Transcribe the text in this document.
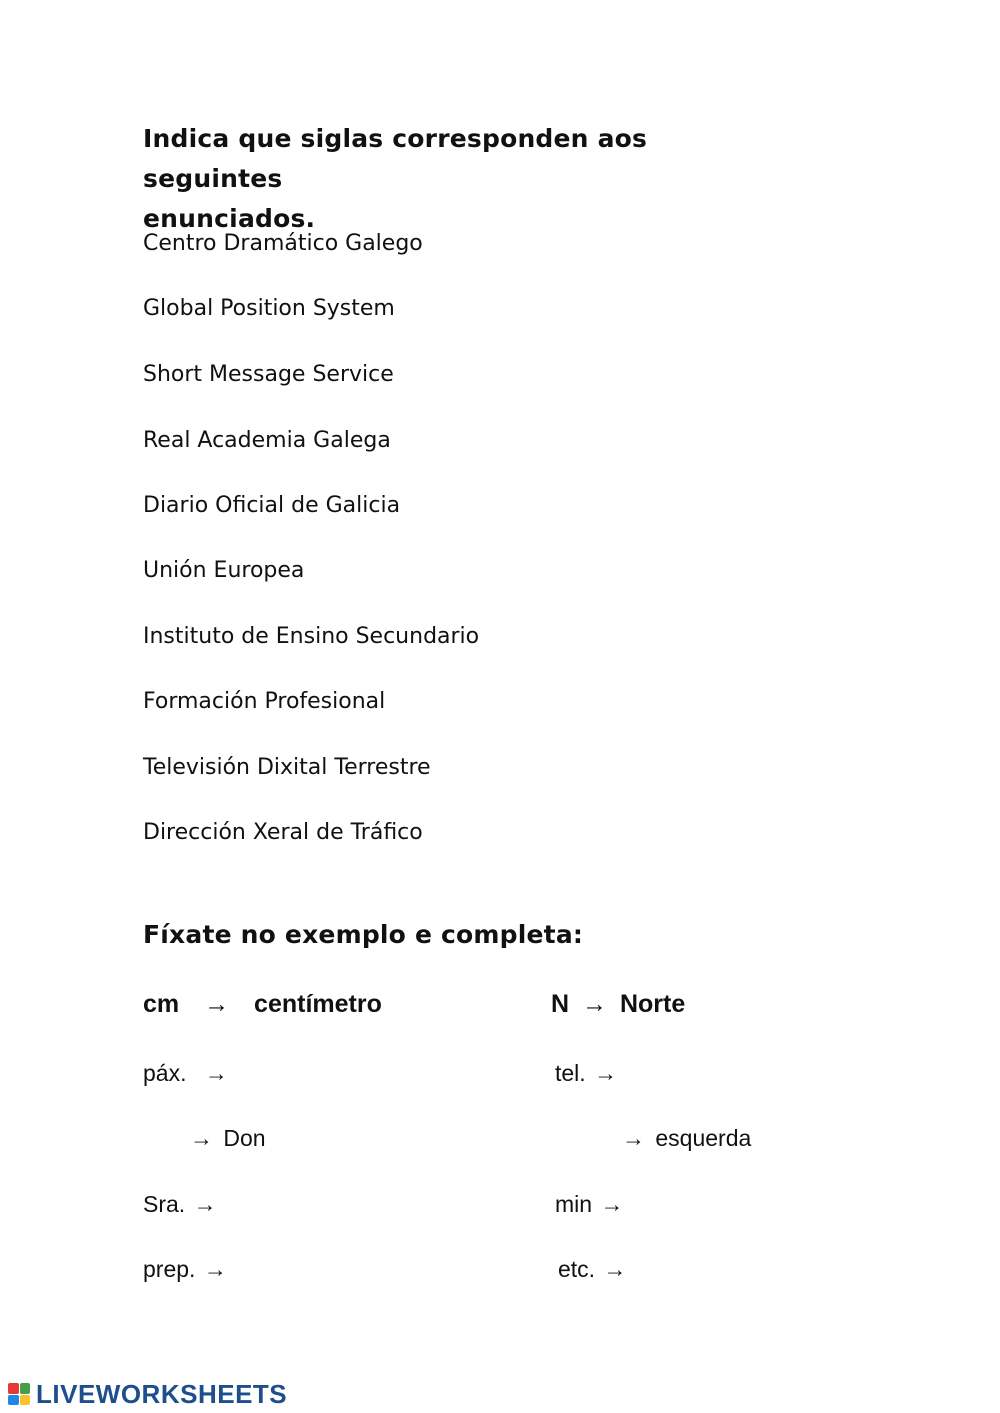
Indica que siglas corresponden aos seguintes
enunciados.
Centro Dramático Galego
Global Position System
Short Message Service
Real Academia Galega
Diario Oficial de Galicia
Unión Europea
Instituto de Ensino Secundario
Formación Profesional
Televisión Dixital Terrestre
Dirección Xeral de Tráfico
Fíxate no exemplo e completa:
cm → centímetro	N → Norte
páx. →	tel. →
→ Don	→ esquerda
Sra. →	min →
prep. →	etc. →
LIVEWORKSHEETS
